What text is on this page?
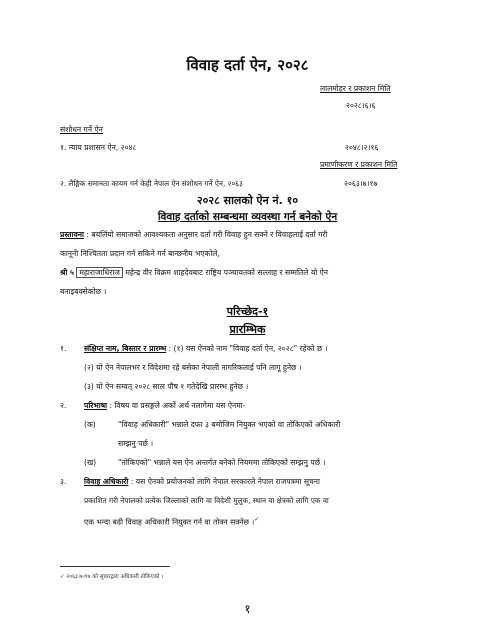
विवाह दर्ता ऐन, २०२८
लालमोहर र प्रकाशन मिति
२०२८।६।६
संशोधन गर्ने ऐन
१. न्याय प्रशासन ऐन, २०४८	२०४८।२।१६
प्रमाणीकरण र प्रकाशन मिति
२. लैङ्गिक समानता कायम गर्न केही नेपाल ऐन संशोधन गर्ने ऐन, २०६३	२०६३।७।१७
२०२८ सालको ऐन नं. १०
विवाह दर्ताको सम्बन्धमा व्यवस्था गर्न बनेको ऐन
प्रस्तावना : बयलिंयो समाजको आवश्यकता अनुसार दर्ता गरी विवाह हुन सक्ने र विवाहलाई दर्ता गरी
कानूनी निश्चितता प्रदान गर्न सकिने गर्न बान्छनीय भएकोले,
श्री ५ महाराजाधिराज महेन्द्र वीर विक्रम शाहदेवबाट राष्ट्रिय पञ्चायतको सल्लाह र सम्मतिले यो ऐन
बनाइबक्सेकोछ ।
परिच्छेद-१
प्रारम्भिक
१. संक्षिप्त नाम, बिस्तार र प्रारम्भ : (१) यस ऐनको नाम "विवाह दर्ता ऐन, २०२८" रहेको छ ।
(२) यो ऐन नेपालभर र विदेशमा रहे बसेका नेपाली नागरिकलाई पनि लागू हुनेछ ।
(३) यो ऐन सम्वत् २०२८ साल पौष १ गतेदेखि प्रारम्भ हुनेछ ।
२. परिभाषा : विषय वा प्रसङ्गले अर्को अर्थ नलागेमा यस ऐनमा-
(क)	"विवाह अधिकारी" भन्नाले दफा ३ बमोजिम नियुक्त भएको वा तोकिएको अधिकारी
सम्झनु पर्छ ।
(ख)	"तोकिएको" भन्नाले यस ऐन अन्तर्गत बनेको नियममा तोकिएको सम्झनु पर्छ ।
३. विवाह अधिकारी : यस ऐनको प्रयोजनको लागि नेपाल सरकारले नेपाल राजपत्रमा सूचना
प्रकाशित गरी नेपालको प्रत्येक जिल्लाको लागि वा विदेशी मुलुक, स्थान वा क्षेत्रको लागि एक वा
एक भन्दा बढी विवाह अधिकारी नियुक्त गर्न वा तोक्न सक्नेछ ।✓
✓ २०६३।७।१७ को सुधारद्वारा अधिकारी तोकिएको ।
१
